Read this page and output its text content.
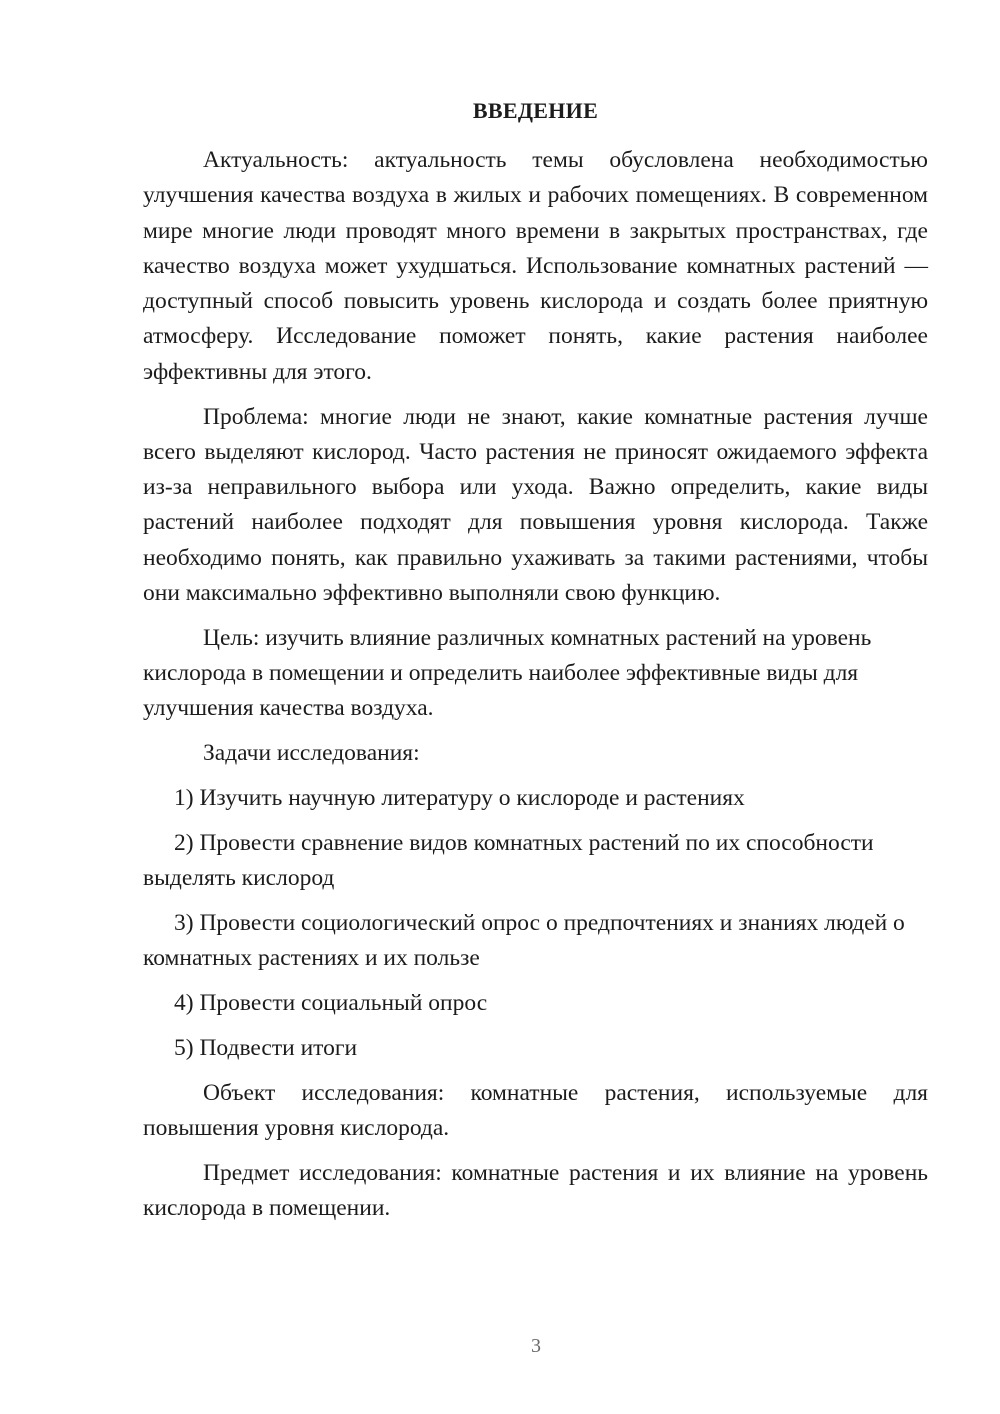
ВВЕДЕНИЕ

Актуальность: актуальность темы обусловлена необходимостью улучшения качества воздуха в жилых и рабочих помещениях. В современном мире многие люди проводят много времени в закрытых пространствах, где качество воздуха может ухудшаться. Использование комнатных растений — доступный способ повысить уровень кислорода и создать более приятную атмосферу. Исследование поможет понять, какие растения наиболее эффективны для этого.

Проблема: многие люди не знают, какие комнатные растения лучше всего выделяют кислород. Часто растения не приносят ожидаемого эффекта из-за неправильного выбора или ухода. Важно определить, какие виды растений наиболее подходят для повышения уровня кислорода. Также необходимо понять, как правильно ухаживать за такими растениями, чтобы они максимально эффективно выполняли свою функцию.

Цель: изучить влияние различных комнатных растений на уровень кислорода в помещении и определить наиболее эффективные виды для улучшения качества воздуха.

Задачи исследования:

1) Изучить научную литературу о кислороде и растениях

2) Провести сравнение видов комнатных растений по их способности выделять кислород

3) Провести социологический опрос о предпочтениях и знаниях людей о комнатных растениях и их пользе

4) Провести социальный опрос

5) Подвести итоги

Объект исследования: комнатные растения, используемые для повышения уровня кислорода.

Предмет исследования: комнатные растения и их влияние на уровень кислорода в помещении.

3
